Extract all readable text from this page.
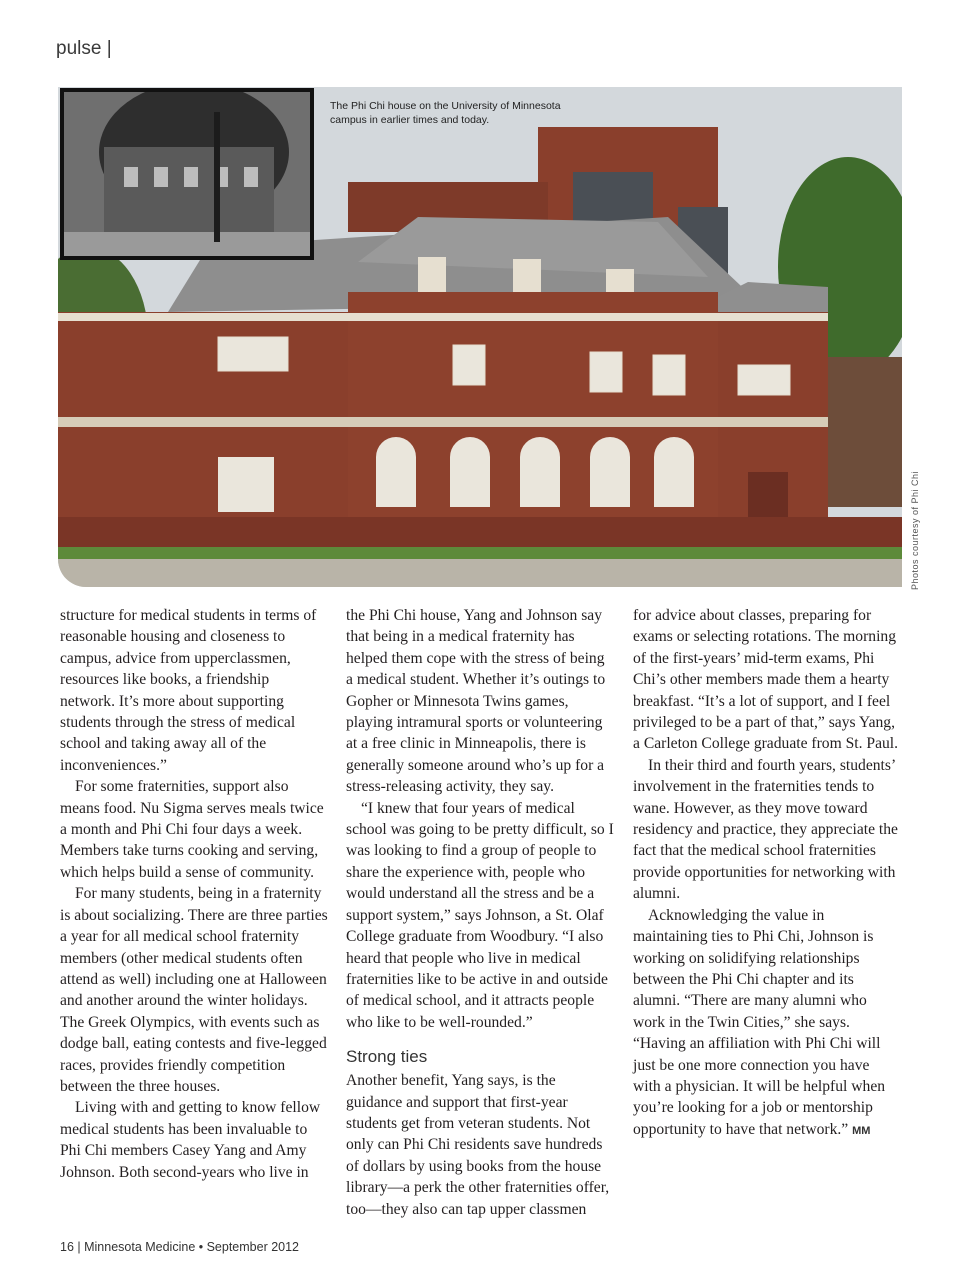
pulse |
The Phi Chi house on the University of Minnesota campus in earlier times and today.
Photos courtesy of Phi Chi

structure for medical students in terms of reasonable housing and closeness to campus, advice from upperclassmen, resources like books, a friendship network. It’s more about supporting students through the stress of medical school and taking away all of the inconveniences.”

For some fraternities, support also means food. Nu Sigma serves meals twice a month and Phi Chi four days a week. Members take turns cooking and serving, which helps build a sense of community.

For many students, being in a fraternity is about socializing. There are three parties a year for all medical school fraternity members (other medical students often attend as well) including one at Halloween and another around the winter holidays. The Greek Olympics, with events such as dodge ball, eating contests and five-legged races, provides friendly competition between the three houses.

Living with and getting to know fellow medical students has been invaluable to Phi Chi members Casey Yang and Amy Johnson. Both second-years who live in

the Phi Chi house, Yang and Johnson say that being in a medical fraternity has helped them cope with the stress of being a medical student. Whether it’s outings to Gopher or Minnesota Twins games, playing intramural sports or volunteering at a free clinic in Minneapolis, there is generally someone around who’s up for a stress-releasing activity, they say.

“I knew that four years of medical school was going to be pretty difficult, so I was looking to find a group of people to share the experience with, people who would understand all the stress and be a support system,” says Johnson, a St. Olaf College graduate from Woodbury. “I also heard that people who live in medical fraternities like to be active in and outside of medical school, and it attracts people who like to be well-rounded.”

Strong ties

Another benefit, Yang says, is the guidance and support that first-year students get from veteran students. Not only can Phi Chi residents save hundreds of dollars by using books from the house library—a perk the other fraternities offer, too—they also can tap upper classmen

for advice about classes, preparing for exams or selecting rotations. The morning of the first-years’ mid-term exams, Phi Chi’s other members made them a hearty breakfast. “It’s a lot of support, and I feel privileged to be a part of that,” says Yang, a Carleton College graduate from St. Paul.

In their third and fourth years, students’ involvement in the fraternities tends to wane. However, as they move toward residency and practice, they appreciate the fact that the medical school fraternities provide opportunities for networking with alumni.

Acknowledging the value in maintaining ties to Phi Chi, Johnson is working on solidifying relationships between the Phi Chi chapter and its alumni. “There are many alumni who work in the Twin Cities,” she says. “Having an affiliation with Phi Chi will just be one more connection you have with a physician. It will be helpful when you’re looking for a job or mentorship opportunity to have that network.” MM

16 | Minnesota Medicine • September 2012
